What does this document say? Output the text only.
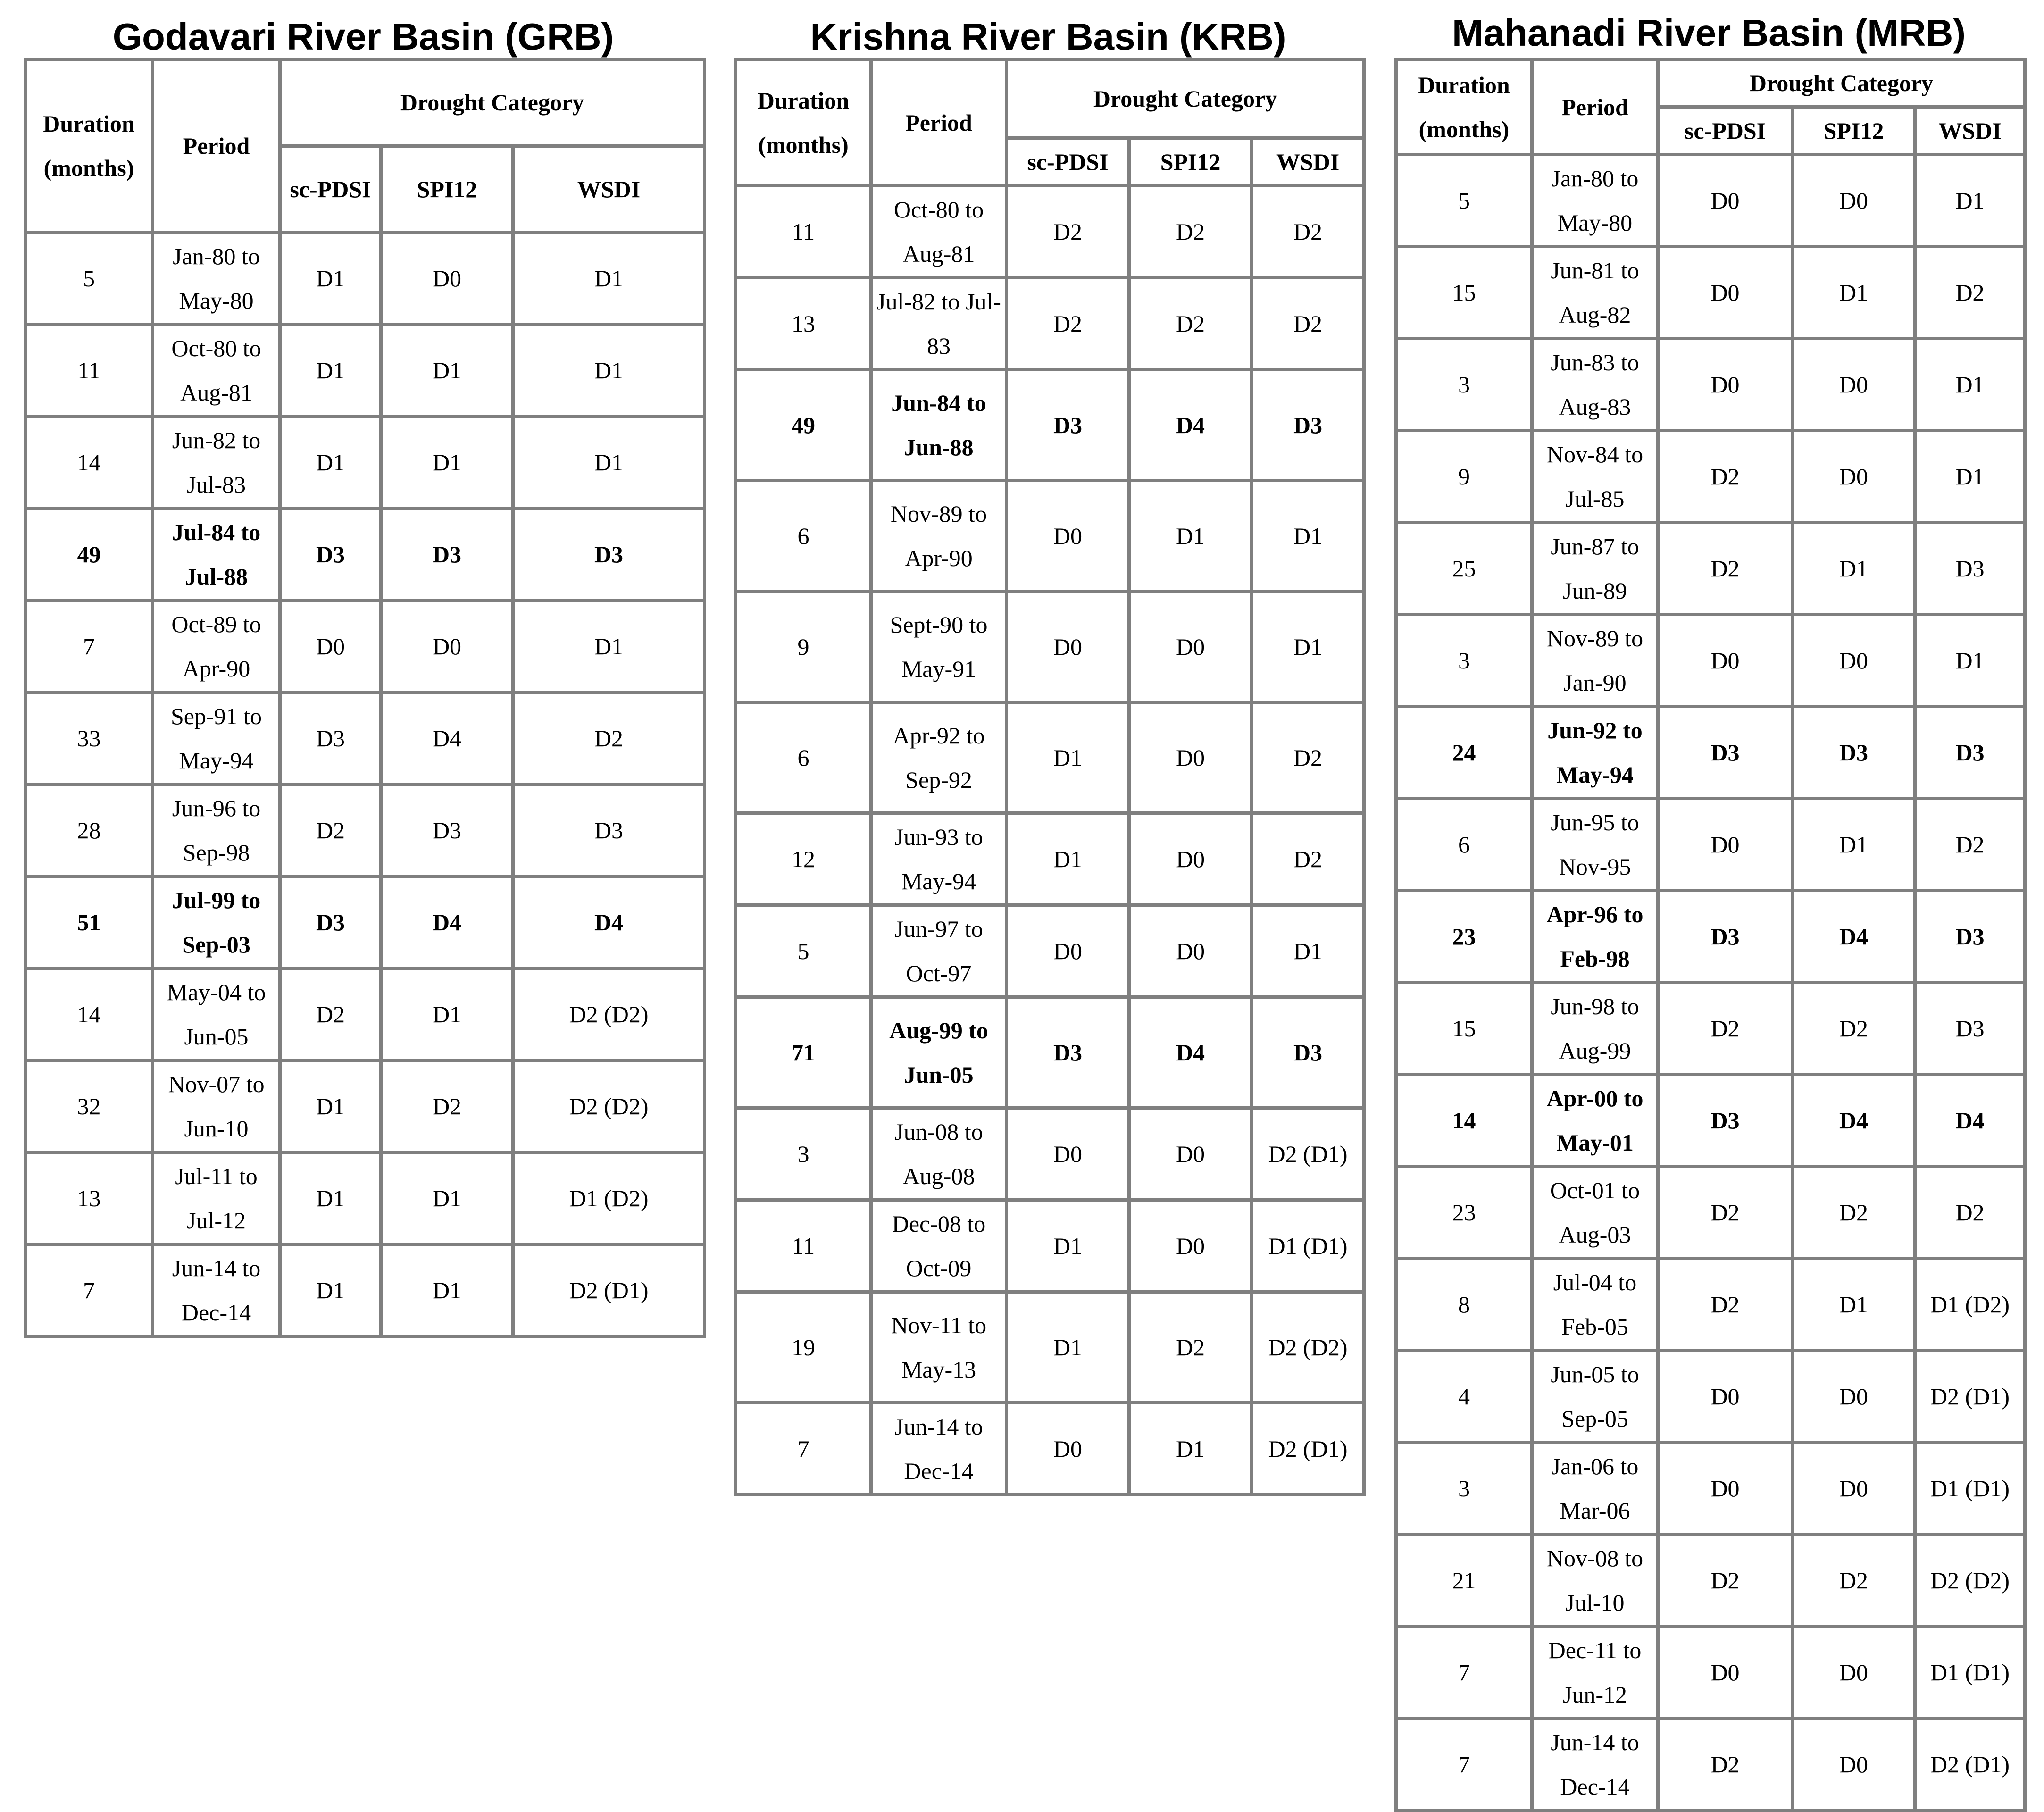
Godavari River Basin (GRB)
Duration (months)	Period	Drought Category		
		sc-PDSI	SPI12	WSDI
5	Jan-80 to May-80	D1	D0	D1
11	Oct-80 to Aug-81	D1	D1	D1
14	Jun-82 to Jul-83	D1	D1	D1
49	Jul-84 to Jul-88	D3	D3	D3
7	Oct-89 to Apr-90	D0	D0	D1
33	Sep-91 to May-94	D3	D4	D2
28	Jun-96 to Sep-98	D2	D3	D3
51	Jul-99 to Sep-03	D3	D4	D4
14	May-04 to Jun-05	D2	D1	D2 (D2)
32	Nov-07 to Jun-10	D1	D2	D2 (D2)
13	Jul-11 to Jul-12	D1	D1	D1 (D2)
7	Jun-14 to Dec-14	D1	D1	D2 (D1)
Krishna River Basin (KRB)
Duration (months)	Period	Drought Category		
		sc-PDSI	SPI12	WSDI
11	Oct-80 to Aug-81	D2	D2	D2
13	Jul-82 to Jul-83	D2	D2	D2
49	Jun-84 to Jun-88	D3	D4	D3
6	Nov-89 to Apr-90	D0	D1	D1
9	Sept-90 to May-91	D0	D0	D1
6	Apr-92 to Sep-92	D1	D0	D2
12	Jun-93 to May-94	D1	D0	D2
5	Jun-97 to Oct-97	D0	D0	D1
71	Aug-99 to Jun-05	D3	D4	D3
3	Jun-08 to Aug-08	D0	D0	D2 (D1)
11	Dec-08 to Oct-09	D1	D0	D1 (D1)
19	Nov-11 to May-13	D1	D2	D2 (D2)
7	Jun-14 to Dec-14	D0	D1	D2 (D1)
Mahanadi River Basin (MRB)
Duration (months)	Period	Drought Category		
		sc-PDSI	SPI12	WSDI
5	Jan-80 to May-80	D0	D0	D1
15	Jun-81 to Aug-82	D0	D1	D2
3	Jun-83 to Aug-83	D0	D0	D1
9	Nov-84 to Jul-85	D2	D0	D1
25	Jun-87 to Jun-89	D2	D1	D3
3	Nov-89 to Jan-90	D0	D0	D1
24	Jun-92 to May-94	D3	D3	D3
6	Jun-95 to Nov-95	D0	D1	D2
23	Apr-96 to Feb-98	D3	D4	D3
15	Jun-98 to Aug-99	D2	D2	D3
14	Apr-00 to May-01	D3	D4	D4
23	Oct-01 to Aug-03	D2	D2	D2
8	Jul-04 to Feb-05	D2	D1	D1 (D2)
4	Jun-05 to Sep-05	D0	D0	D2 (D1)
3	Jan-06 to Mar-06	D0	D0	D1 (D1)
21	Nov-08 to Jul-10	D2	D2	D2 (D2)
7	Dec-11 to Jun-12	D0	D0	D1 (D1)
7	Jun-14 to Dec-14	D2	D0	D2 (D1)
